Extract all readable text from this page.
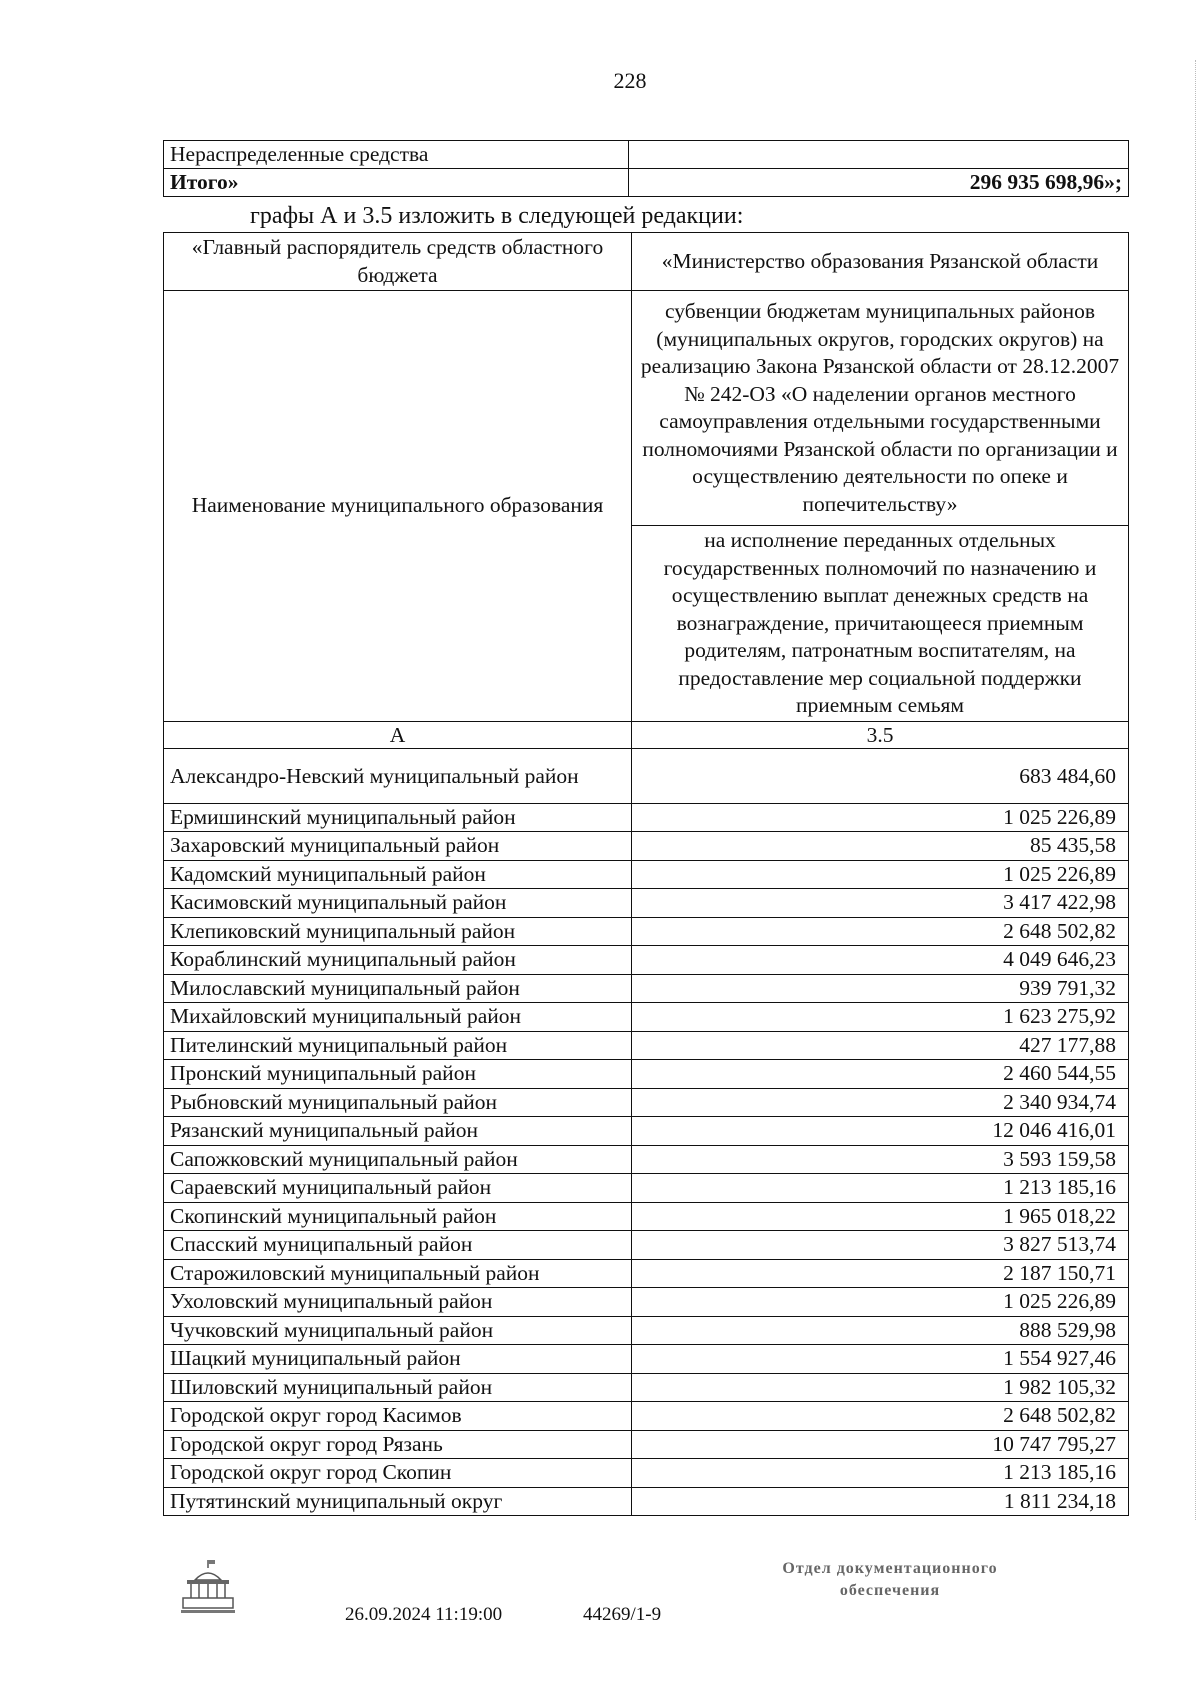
228
Нераспределенные средства	
Итого»	296 935 698,96»;
графы А и 3.5 изложить в следующей редакции:
«Главный распорядитель средств областного бюджета	«Министерство образования Рязанской области
Наименование муниципального образования	субвенции бюджетам муниципальных районов (муниципальных округов, городских округов) на реализацию Закона Рязанской области от 28.12.2007 № 242-ОЗ «О наделении органов местного самоуправления отдельными государственными полномочиями Рязанской области по организации и осуществлению деятельности по опеке и попечительству»
	на исполнение переданных отдельных государственных полномочий по назначению и осуществлению выплат денежных средств на вознаграждение, причитающееся приемным родителям, патронатным воспитателям, на предоставление мер социальной поддержки приемным семьям
А	3.5
Александро-Невский муниципальный район	683 484,60
Ермишинский муниципальный район	1 025 226,89
Захаровский муниципальный район	85 435,58
Кадомский муниципальный район	1 025 226,89
Касимовский муниципальный район	3 417 422,98
Клепиковский муниципальный район	2 648 502,82
Кораблинский муниципальный район	4 049 646,23
Милославский муниципальный район	939 791,32
Михайловский муниципальный район	1 623 275,92
Пителинский муниципальный район	427 177,88
Пронский муниципальный район	2 460 544,55
Рыбновский муниципальный район	2 340 934,74
Рязанский муниципальный район	12 046 416,01
Сапожковский муниципальный район	3 593 159,58
Сараевский муниципальный район	1 213 185,16
Скопинский муниципальный район	1 965 018,22
Спасский муниципальный район	3 827 513,74
Старожиловский муниципальный район	2 187 150,71
Ухоловский муниципальный район	1 025 226,89
Чучковский муниципальный район	888 529,98
Шацкий муниципальный район	1 554 927,46
Шиловский муниципальный район	1 982 105,32
Городской округ город Касимов	2 648 502,82
Городской округ город Рязань	10 747 795,27
Городской округ город Скопин	1 213 185,16
Путятинский муниципальный округ	1 811 234,18
26.09.2024 11:19:00	44269/1-9
Отдел документационного обеспечения
